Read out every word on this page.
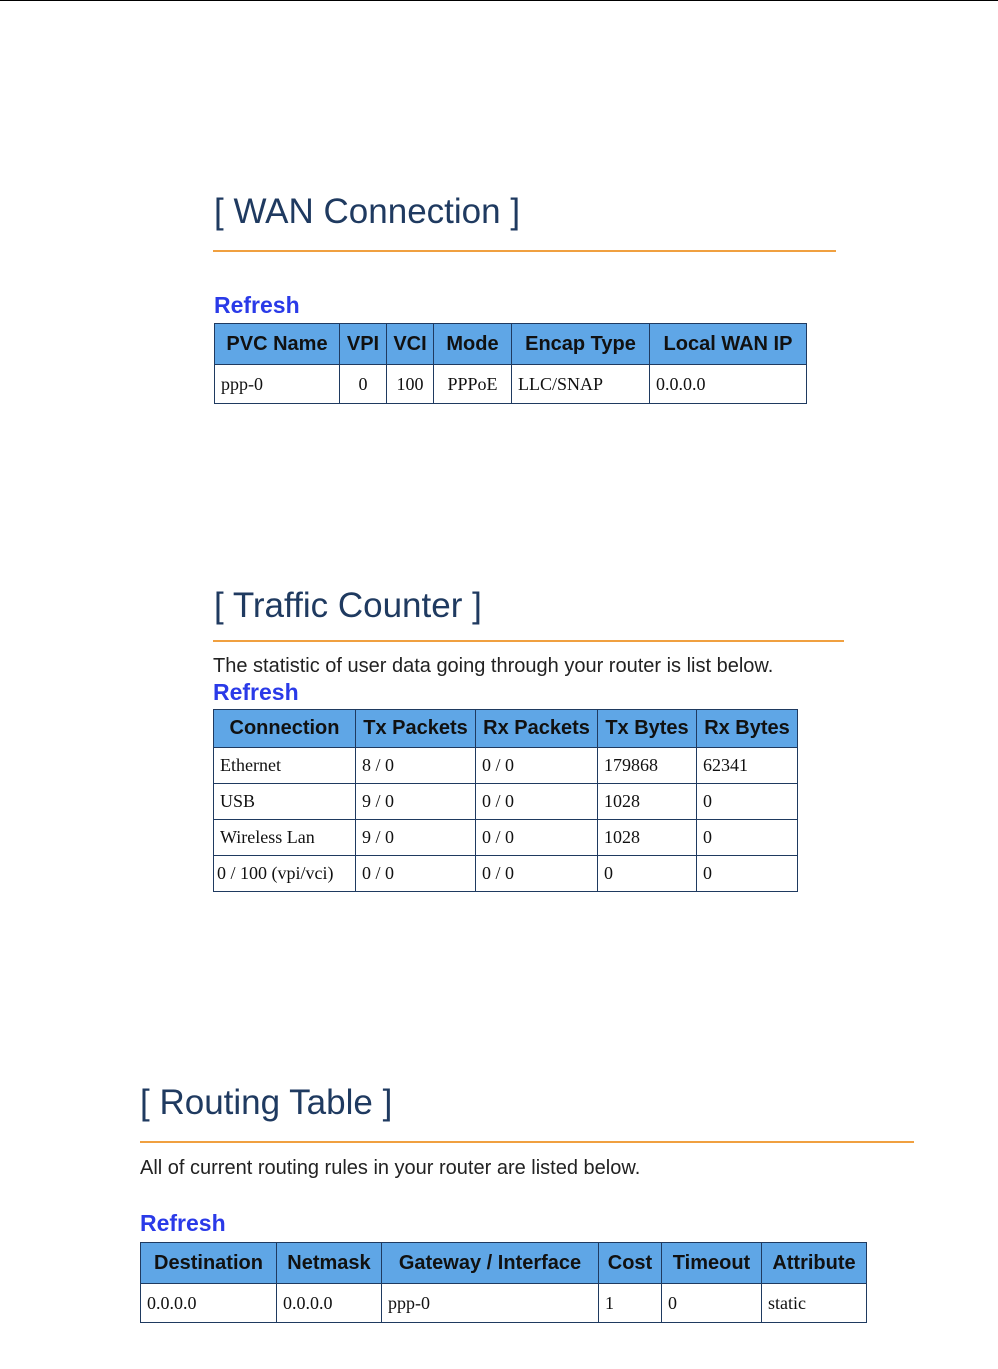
[ WAN Connection ]
Refresh
PVC Name	VPI	VCI	Mode	Encap Type	Local WAN IP
ppp-0	0	100	PPPoE	LLC/SNAP	0.0.0.0
[ Traffic Counter ]

The statistic of user data going through your router is list below.

Refresh
Connection	Tx Packets	Rx Packets	Tx Bytes	Rx Bytes
Ethernet	8 / 0	0 / 0	179868	62341
USB	9 / 0	0 / 0	1028	0
Wireless Lan	9 / 0	0 / 0	1028	0
0 / 100 (vpi/vci)	0 / 0	0 / 0	0	0
[ Routing Table ]

All of current routing rules in your router are listed below.

Refresh
Destination	Netmask	Gateway / Interface	Cost	Timeout	Attribute
0.0.0.0	0.0.0.0	ppp-0	1	0	static
